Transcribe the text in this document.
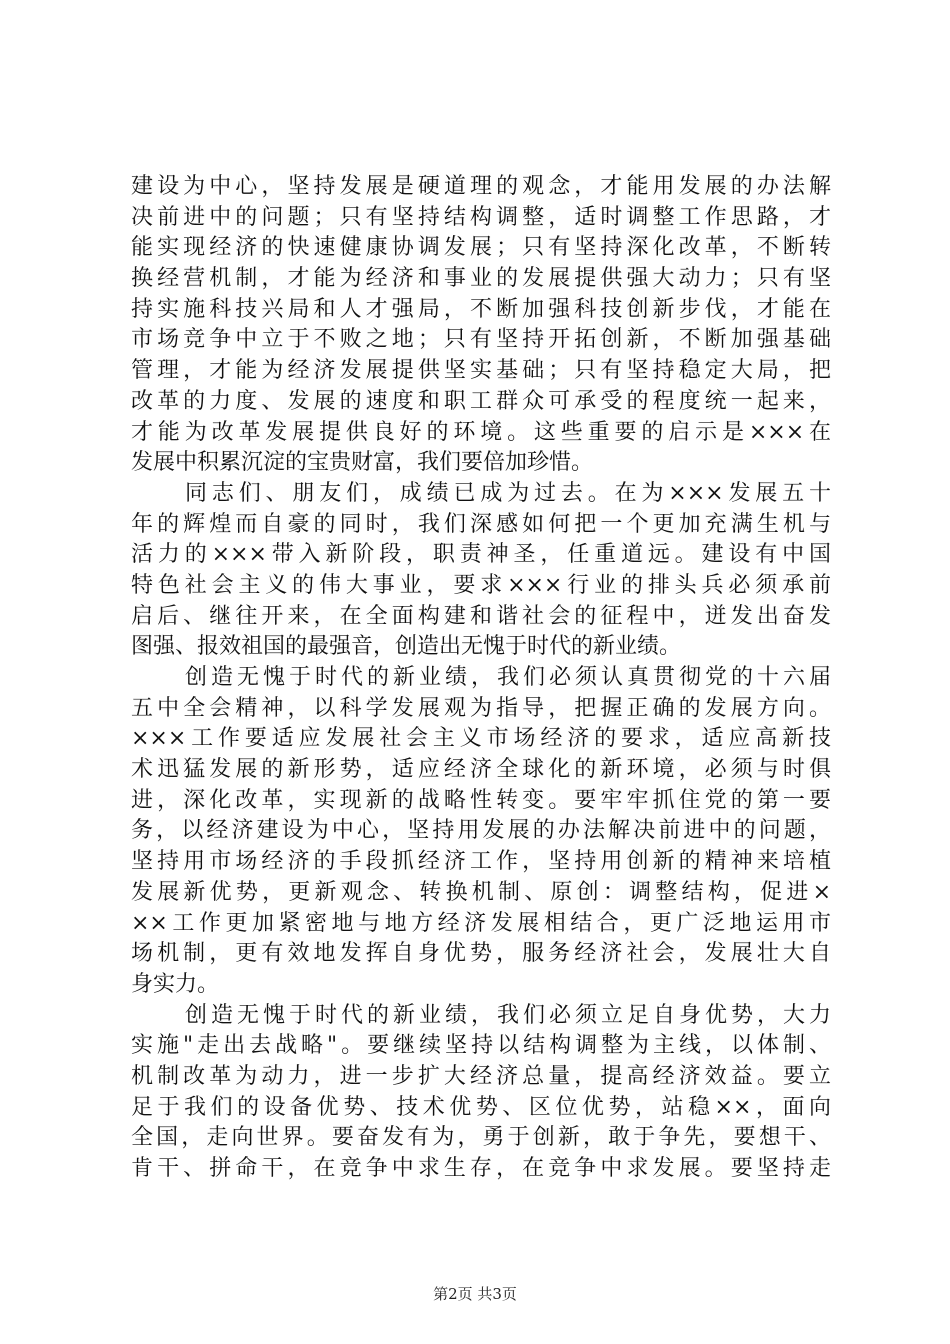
建设为中心，坚持发展是硬道理的观念，才能用发展的办法解
决前进中的问题；只有坚持结构调整，适时调整工作思路，才
能实现经济的快速健康协调发展；只有坚持深化改革，不断转
换经营机制，才能为经济和事业的发展提供强大动力；只有坚
持实施科技兴局和人才强局，不断加强科技创新步伐，才能在
市场竞争中立于不败之地；只有坚持开拓创新，不断加强基础
管理，才能为经济发展提供坚实基础；只有坚持稳定大局，把
改革的力度、发展的速度和职工群众可承受的程度统一起来，
才能为改革发展提供良好的环境。这些重要的启示是×××在
发展中积累沉淀的宝贵财富，我们要倍加珍惜。
同志们、朋友们，成绩已成为过去。在为×××发展五十
年的辉煌而自豪的同时，我们深感如何把一个更加充满生机与
活力的×××带入新阶段，职责神圣，任重道远。建设有中国
特色社会主义的伟大事业，要求×××行业的排头兵必须承前
启后、继往开来，在全面构建和谐社会的征程中，迸发出奋发
图强、报效祖国的最强音，创造出无愧于时代的新业绩。
创造无愧于时代的新业绩，我们必须认真贯彻党的十六届
五中全会精神，以科学发展观为指导，把握正确的发展方向。
×××工作要适应发展社会主义市场经济的要求，适应高新技
术迅猛发展的新形势，适应经济全球化的新环境，必须与时俱
进，深化改革，实现新的战略性转变。要牢牢抓住党的第一要
务，以经济建设为中心，坚持用发展的办法解决前进中的问题，
坚持用市场经济的手段抓经济工作，坚持用创新的精神来培植
发展新优势，更新观念、转换机制、原创：调整结构，促进×
××工作更加紧密地与地方经济发展相结合，更广泛地运用市
场机制，更有效地发挥自身优势，服务经济社会，发展壮大自
身实力。
创造无愧于时代的新业绩，我们必须立足自身优势，大力
实施"走出去战略"。要继续坚持以结构调整为主线，以体制、
机制改革为动力，进一步扩大经济总量，提高经济效益。要立
足于我们的设备优势、技术优势、区位优势，站稳××，面向
全国，走向世界。要奋发有为，勇于创新，敢于争先，要想干、
肯干、拼命干，在竞争中求生存，在竞争中求发展。要坚持走
第2页 共3页
